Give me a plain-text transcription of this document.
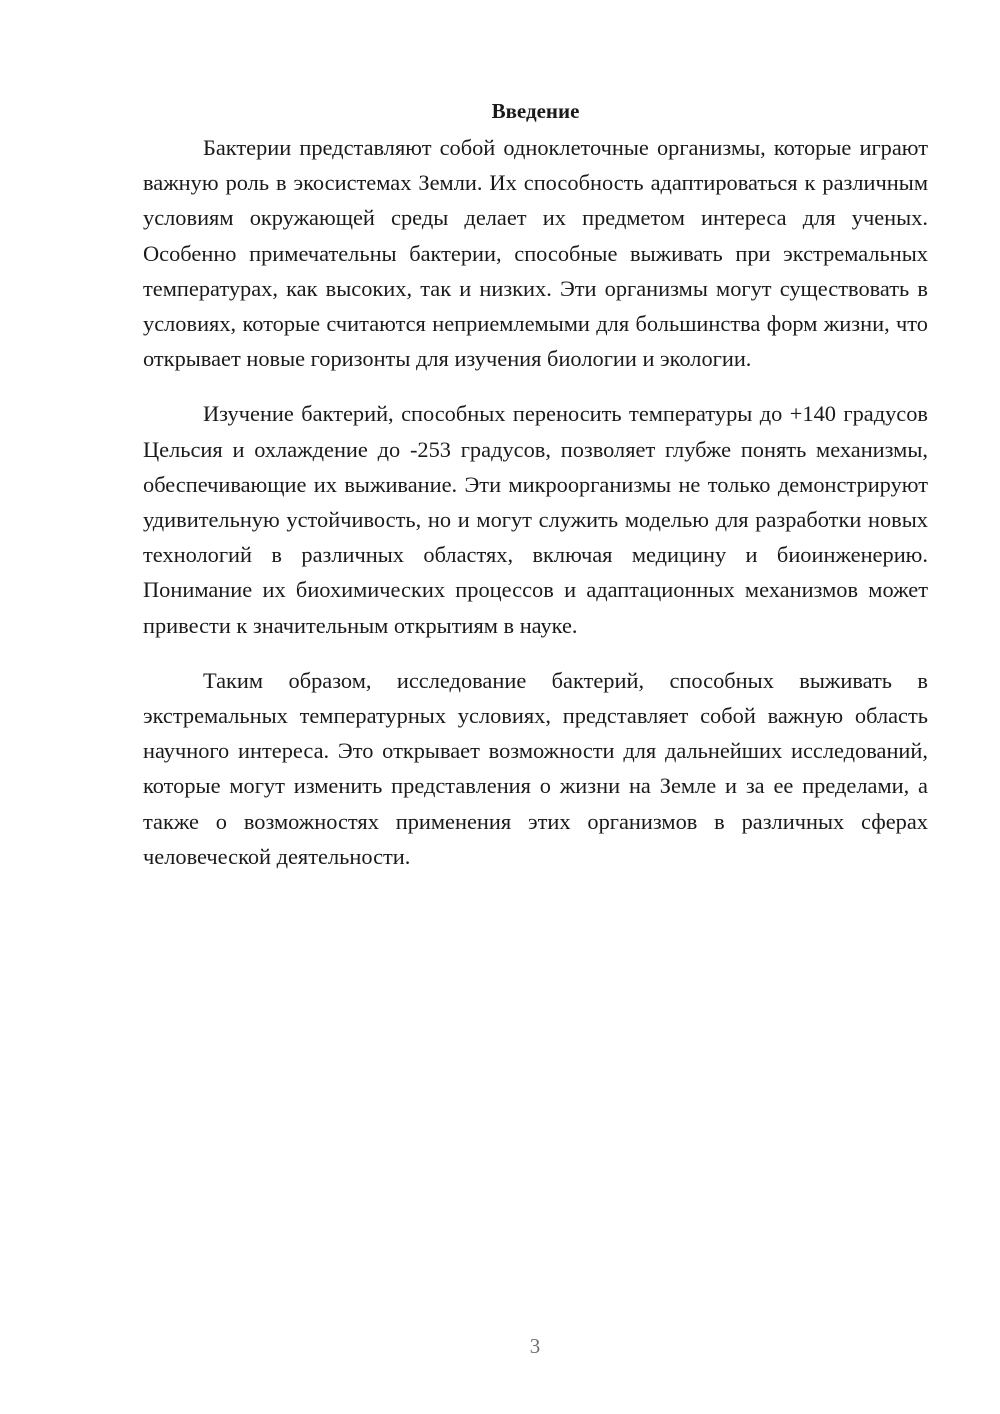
Введение

Бактерии представляют собой одноклеточные организмы, которые играют важную роль в экосистемах Земли. Их способность адаптироваться к различным условиям окружающей среды делает их предметом интереса для ученых. Особенно примечательны бактерии, способные выживать при экстремальных температурах, как высоких, так и низких. Эти организмы могут существовать в условиях, которые считаются неприемлемыми для большинства форм жизни, что открывает новые горизонты для изучения биологии и экологии.

Изучение бактерий, способных переносить температуры до +140 градусов Цельсия и охлаждение до -253 градусов, позволяет глубже понять механизмы, обеспечивающие их выживание. Эти микроорганизмы не только демонстрируют удивительную устойчивость, но и могут служить моделью для разработки новых технологий в различных областях, включая медицину и биоинженерию. Понимание их биохимических процессов и адаптационных механизмов может привести к значительным открытиям в науке.

Таким образом, исследование бактерий, способных выживать в экстремальных температурных условиях, представляет собой важную область научного интереса. Это открывает возможности для дальнейших исследований, которые могут изменить представления о жизни на Земле и за ее пределами, а также о возможностях применения этих организмов в различных сферах человеческой деятельности.

3
